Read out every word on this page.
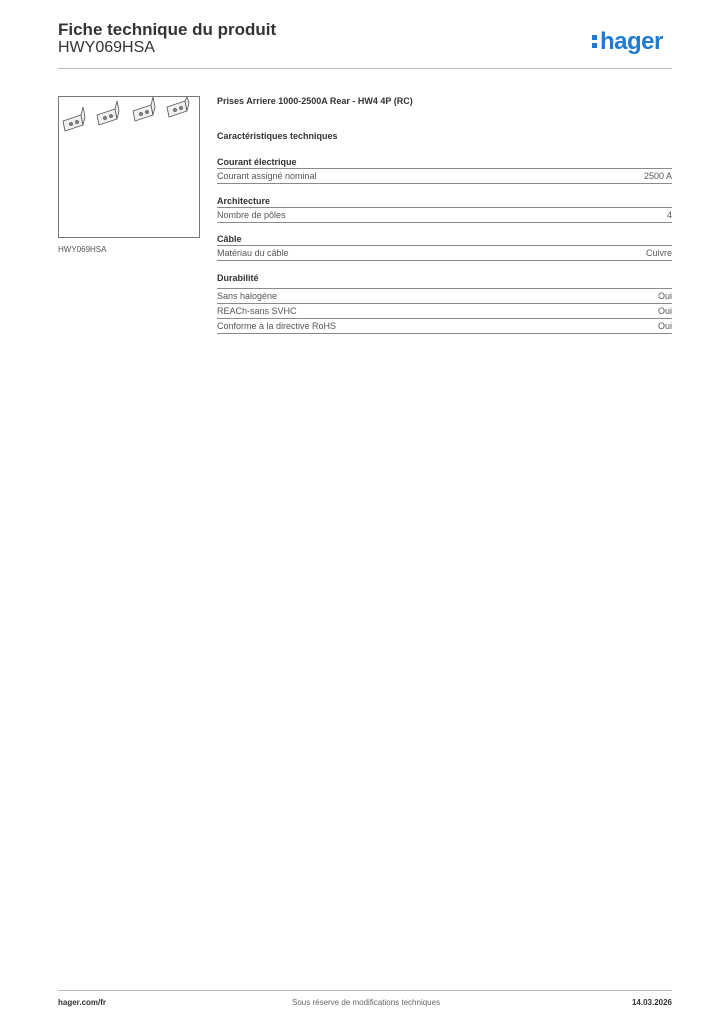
Fiche technique du produit
HWY069HSA	hager
HWY069HSA
Prises Arriere 1000-2500A Rear - HW4 4P (RC)
Caractéristiques techniques
Courant électrique
Courant assigné nominal	2500 A
Architecture
Nombre de pôles	4
Câble
Matériau du câble	Cuivre
Durabilité
Sans halogène	Oui
REACh-sans SVHC	Oui
Conforme à la directive RoHS	Oui
hager.com/fr	Sous réserve de modifications techniques	14.03.2026
